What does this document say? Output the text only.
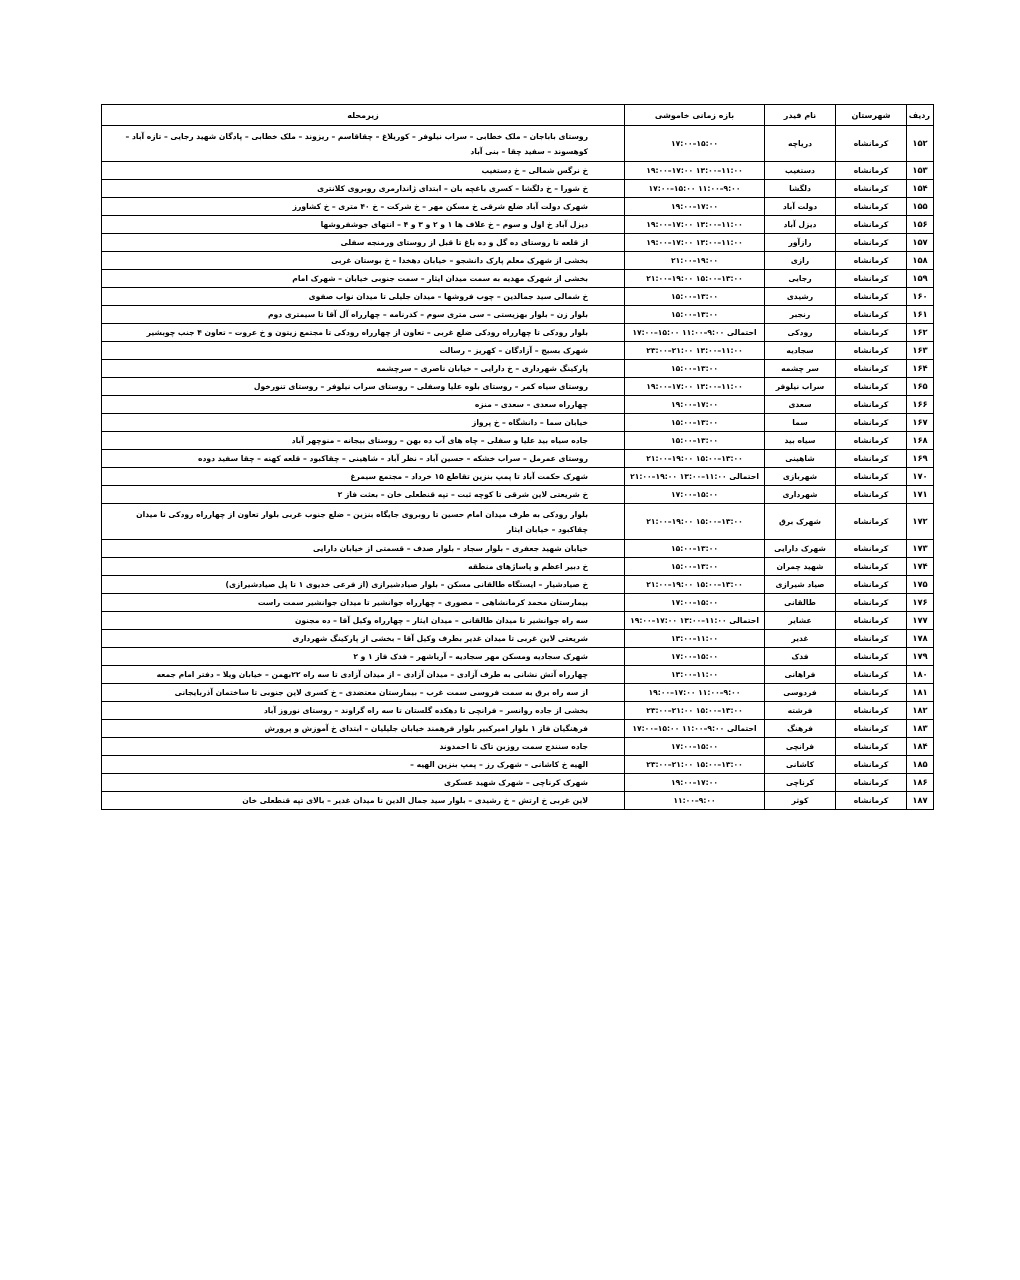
ردیف	شهرستان	نام فیدر	بازه زمانی خاموشی	زیرمحله
۱۵۲	کرمانشاه	دریاچه	۱۵:۰۰–۱۷:۰۰	روستای باباجان – ملک خطابی – سراب نیلوفر – کوریلاغ – چقاقاسم – ریزوند – ملک خطابی – پادگان شهید رجایی – تازه آباد – کوهسوند – سفید چقا – بنی آباد
۱۵۳	کرمانشاه	دستغیب	۱۱:۰۰–۱۳:۰۰ ۱۷:۰۰–۱۹:۰۰	خ نرگس شمالی – خ دستغیب
۱۵۴	کرمانشاه	دلگشا	۹:۰۰–۱۱:۰۰ ۱۵:۰۰–۱۷:۰۰	خ شورا – خ دلگشا – کسری باغچه بان – ابتدای ژاندارمری روبروی کلانتری
۱۵۵	کرمانشاه	دولت آباد	۱۷:۰۰–۱۹:۰۰	شهرک دولت آباد ضلع شرقی خ مسکن مهر – خ شرکت – خ ۴۰ متری – خ کشاورز
۱۵۶	کرمانشاه	دیزل آباد	۱۱:۰۰–۱۳:۰۰ ۱۷:۰۰–۱۹:۰۰	دیزل آباد خ اول و سوم – خ علاف ها ۱ و ۲ و ۳ و ۴ – انتهای جوشفروشها
۱۵۷	کرمانشاه	رازآور	۱۱:۰۰–۱۳:۰۰ ۱۷:۰۰–۱۹:۰۰	از قلعه تا روستای ده گل و ده باغ تا قبل از روستای ورمنجه سفلی
۱۵۸	کرمانشاه	رازی	۱۹:۰۰–۲۱:۰۰	بخشی از شهرک معلم پارک دانشجو – خیابان دهخدا – خ بوستان غربی
۱۵۹	کرمانشاه	رجایی	۱۳:۰۰–۱۵:۰۰ ۱۹:۰۰–۲۱:۰۰	بخشی از شهرک مهدیه به سمت میدان ایثار – سمت جنوبی خیابان – شهرک امام
۱۶۰	کرمانشاه	رشیدی	۱۳:۰۰–۱۵:۰۰	خ شمالی سید جمالدین – چوب فروشها – میدان جلیلی تا میدان نواب صفوی
۱۶۱	کرمانشاه	رنجبر	۱۳:۰۰–۱۵:۰۰	بلوار زن – بلوار بهزیستی – سی متری سوم – کدرنامه – چهارراه آل آقا تا سیمتری دوم
۱۶۲	کرمانشاه	رودکی	احتمالی ۹:۰۰–۱۱:۰۰ ۱۵:۰۰–۱۷:۰۰	بلوار رودکی تا چهارراه رودکی ضلع غربی – تعاون از چهارراه رودکی تا مجتمع زیتون و خ عروت – تعاون ۴ جنب چوبشیر
۱۶۳	کرمانشاه	سجادیه	۱۱:۰۰–۱۳:۰۰ ۲۱:۰۰–۲۳:۰۰	شهرک بسیج – آزادگان – کهریز – رسالت
۱۶۴	کرمانشاه	سر چشمه	۱۳:۰۰–۱۵:۰۰	پارکینگ شهرداری – خ دارایی – خیابان ناصری – سرچشمه
۱۶۵	کرمانشاه	سراب نیلوفر	۱۱:۰۰–۱۳:۰۰ ۱۷:۰۰–۱۹:۰۰	روستای سیاه کمر – روستای بلوه علیا وسفلی – روستای سراب نیلوفر – روستای تنورخول
۱۶۶	کرمانشاه	سعدی	۱۷:۰۰–۱۹:۰۰	چهارراه سعدی – سعدی – منزه
۱۶۷	کرمانشاه	سما	۱۳:۰۰–۱۵:۰۰	خیابان سما – دانشگاه – خ پرواز
۱۶۸	کرمانشاه	سیاه بید	۱۳:۰۰–۱۵:۰۰	جاده سیاه بید علیا و سفلی – چاه های آب ده بهن – روستای بیجانه – منوچهر آباد
۱۶۹	کرمانشاه	شاهینی	۱۳:۰۰–۱۵:۰۰ ۱۹:۰۰–۲۱:۰۰	روستای عمرمل – سراب خشکه – حسین آباد – نظر آباد – شاهینی – چقاکبود – قلعه کهنه – چقا سفید دوده
۱۷۰	کرمانشاه	شهربازی	احتمالی ۱۱:۰۰–۱۳:۰۰ ۱۹:۰۰–۲۱:۰۰	شهرک حکمت آباد تا پمپ بنزین تقاطع ۱۵ خرداد – مجتمع سیمرغ
۱۷۱	کرمانشاه	شهرداری	۱۵:۰۰–۱۷:۰۰	خ شریعتی لاین شرقی تا کوچه ثبت – تپه قنطعلی خان – بعثت فاز ۲
۱۷۲	کرمانشاه	شهرک برق	۱۳:۰۰–۱۵:۰۰ ۱۹:۰۰–۲۱:۰۰	بلوار رودکی به طرف میدان امام حسین تا روبروی جایگاه بنزین – ضلع جنوب غربی بلوار تعاون از چهارراه رودکی تا میدان چقاکبود – خیابان ایثار
۱۷۳	کرمانشاه	شهرک دارایی	۱۳:۰۰–۱۵:۰۰	خیابان شهید جعفری – بلوار سجاد – بلوار صدف – قسمتی از خیابان دارایی
۱۷۴	کرمانشاه	شهید چمران	۱۳:۰۰–۱۵:۰۰	خ دبیر اعظم و پاساژهای منطقه
۱۷۵	کرمانشاه	صیاد شیرازی	۱۳:۰۰–۱۵:۰۰ ۱۹:۰۰–۲۱:۰۰	خ صیادشیار – ایستگاه طالقانی مسکن – بلوار صیادشیرازی (از فرعی خدیوی ۱ تا پل صیادشیرازی)
۱۷۶	کرمانشاه	طالقانی	۱۵:۰۰–۱۷:۰۰	بیمارستان محمد کرمانشاهی – مصوری – چهارراه جوانشیر تا میدان جوانشیر سمت راست
۱۷۷	کرمانشاه	عشایر	احتمالی ۱۱:۰۰–۱۳:۰۰ ۱۷:۰۰–۱۹:۰۰	سه راه جوانشیر تا میدان طالقانی – میدان ایثار – چهارراه وکیل آقا – ده مجنون
۱۷۸	کرمانشاه	غدیر	۱۱:۰۰–۱۳:۰۰	شریعتی لاین غربی تا میدان غدیر بطرف وکیل آقا – بخشی از پارکینگ شهرداری
۱۷۹	کرمانشاه	فدک	۱۵:۰۰–۱۷:۰۰	شهرک سجادیه ومسکن مهر سجادیه – آریاشهر – فدک فاز ۱ و ۲
۱۸۰	کرمانشاه	فراهانی	۱۱:۰۰–۱۳:۰۰	چهارراه آتش نشانی به طرف آزادی – میدان آزادی – از میدان آزادی تا سه راه ۲۲بهمن – خیابان ویلا – دفتر امام جمعه
۱۸۱	کرمانشاه	فردوسی	۹:۰۰–۱۱:۰۰ ۱۷:۰۰–۱۹:۰۰	از سه راه برق به سمت فروسی سمت غرب – بیمارستان معتضدی – خ کسری لاین جنوبی تا ساختمان آذربایجانی
۱۸۲	کرمانشاه	فرشته	۱۳:۰۰–۱۵:۰۰ ۲۱:۰۰–۲۳:۰۰	بخشی از جاده روانسر – فرانچی تا دهکده گلستان تا سه راه گراوند – روستای نوروز آباد
۱۸۳	کرمانشاه	فرهنگ	احتمالی ۹:۰۰–۱۱:۰۰ ۱۵:۰۰–۱۷:۰۰	فرهنگیان فاز ۱ بلوار امیرکبیر بلوار فرهمند خیابان جلیلیان – ابتدای خ آموزش و پرورش
۱۸۴	کرمانشاه	فرانچی	۱۵:۰۰–۱۷:۰۰	جاده سنندج سمت روزبن تاک تا احمدوند
۱۸۵	کرمانشاه	کاشانی	۱۳:۰۰–۱۵:۰۰ ۲۱:۰۰–۲۳:۰۰	الهیه خ کاشانی – شهرک رز – پمپ بنزین الهیه –
۱۸۶	کرمانشاه	کرناچی	۱۷:۰۰–۱۹:۰۰	شهرک کرناچی – شهرک شهید عسکری
۱۸۷	کرمانشاه	کوثر	۹:۰۰–۱۱:۰۰	لاین غربی خ ارتش – خ رشیدی – بلوار سید جمال الدین تا میدان غدیر – بالای تپه قنطعلی خان
